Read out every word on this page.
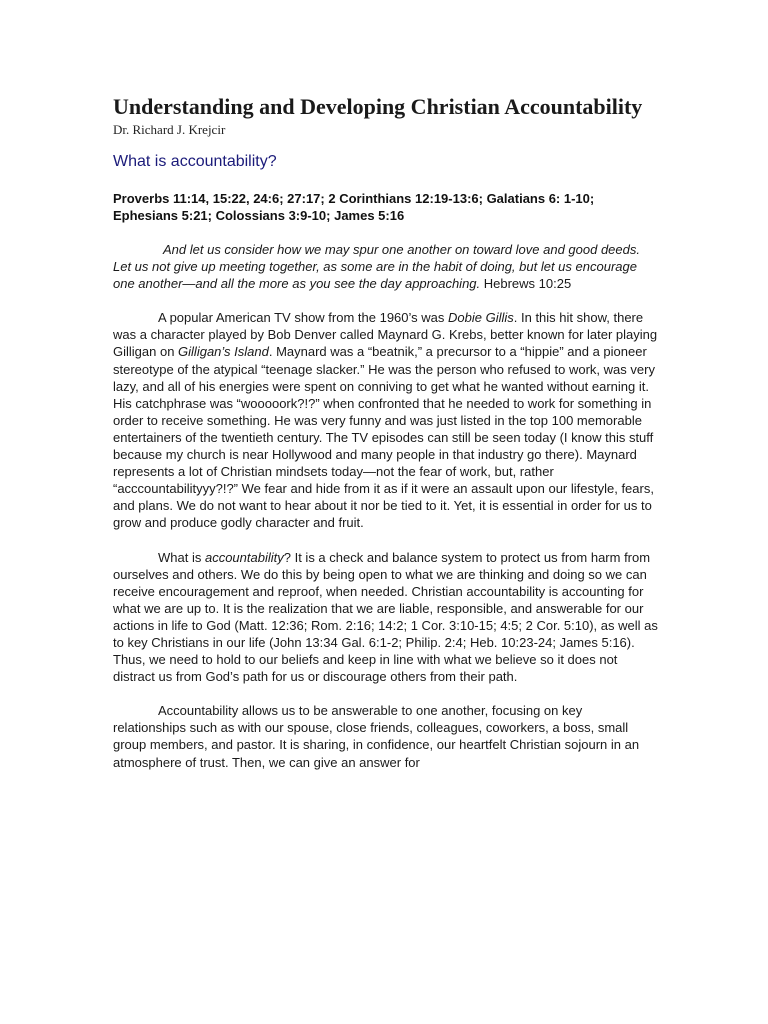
Understanding and Developing Christian Accountability

Dr. Richard J. Krejcir

What is accountability?

Proverbs 11:14, 15:22, 24:6; 27:17; 2 Corinthians 12:19-13:6; Galatians 6: 1-10; Ephesians 5:21; Colossians 3:9-10; James 5:16

And let us consider how we may spur one another on toward love and good deeds. Let us not give up meeting together, as some are in the habit of doing, but let us encourage one another—and all the more as you see the day approaching. Hebrews 10:25

A popular American TV show from the 1960’s was Dobie Gillis. In this hit show, there was a character played by Bob Denver called Maynard G. Krebs, better known for later playing Gilligan on Gilligan’s Island. Maynard was a “beatnik,” a precursor to a “hippie” and a pioneer stereotype of the atypical “teenage slacker.” He was the person who refused to work, was very lazy, and all of his energies were spent on conniving to get what he wanted without earning it. His catchphrase was “wooooork?!?” when confronted that he needed to work for something in order to receive something. He was very funny and was just listed in the top 100 memorable entertainers of the twentieth century. The TV episodes can still be seen today (I know this stuff because my church is near Hollywood and many people in that industry go there). Maynard represents a lot of Christian mindsets today—not the fear of work, but, rather “acccountabilityyy?!?” We fear and hide from it as if it were an assault upon our lifestyle, fears, and plans. We do not want to hear about it nor be tied to it. Yet, it is essential in order for us to grow and produce godly character and fruit.

What is accountability? It is a check and balance system to protect us from harm from ourselves and others. We do this by being open to what we are thinking and doing so we can receive encouragement and reproof, when needed. Christian accountability is accounting for what we are up to. It is the realization that we are liable, responsible, and answerable for our actions in life to God (Matt. 12:36; Rom. 2:16; 14:2; 1 Cor. 3:10-15; 4:5; 2 Cor. 5:10), as well as to key Christians in our life (John 13:34 Gal. 6:1-2; Philip. 2:4; Heb. 10:23-24; James 5:16). Thus, we need to hold to our beliefs and keep in line with what we believe so it does not distract us from God’s path for us or discourage others from their path.

Accountability allows us to be answerable to one another, focusing on key relationships such as with our spouse, close friends, colleagues, coworkers, a boss, small group members, and pastor. It is sharing, in confidence, our heartfelt Christian sojourn in an atmosphere of trust. Then, we can give an answer for
